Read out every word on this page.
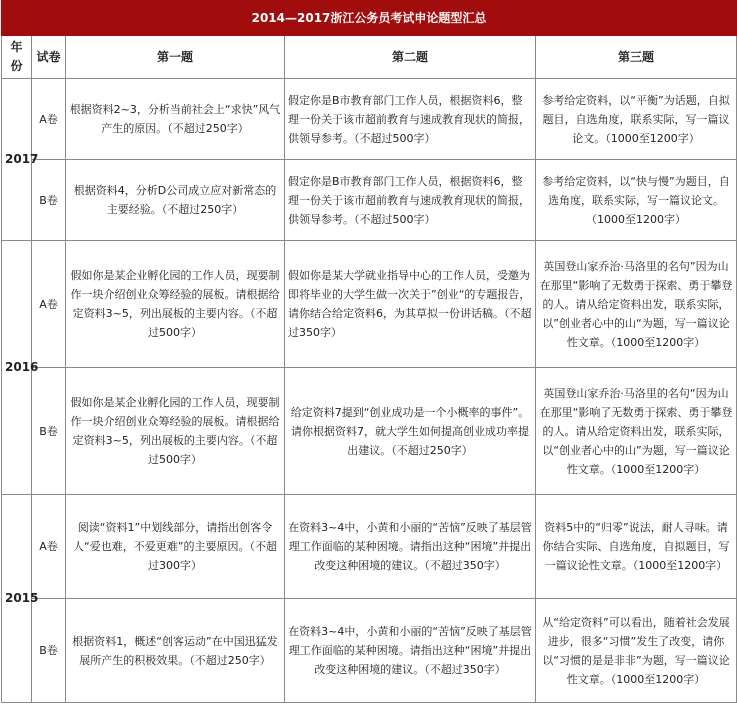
2014—2017浙江公务员考试申论题型汇总				
年份	试卷	第一题	第二题	第三题
2017	A卷	根据资料2~3，分析当前社会上“求快”风气产生的原因。（不超过250字）	假定你是B市教育部门工作人员，根据资料6，整理一份关于该市超前教育与速成教育现状的简报，供领导参考。（不超过500字）	参考给定资料，以“平衡”为话题，自拟题目，自选角度，联系实际，写一篇议论文。（1000至1200字）
	B卷	根据资料4，分析D公司成立应对新常态的主要经验。（不超过250字）	假定你是B市教育部门工作人员，根据资料6，整理一份关于该市超前教育与速成教育现状的简报，供领导参考。（不超过500字）	参考给定资料，以“快与慢”为题目，自选角度，联系实际，写一篇议论文。（1000至1200字）
2016	A卷	假如你是某企业孵化园的工作人员，现要制作一块介绍创业众筹经验的展板。请根据给定资料3~5，列出展板的主要内容。（不超过500字）	假如你是某大学就业指导中心的工作人员，受邀为即将毕业的大学生做一次关于”创业“的专题报告，请你结合给定资料6，为其草拟一份讲话稿。（不超过350字）	英国登山家乔治·马洛里的名句”因为山在那里“影响了无数勇于探索、勇于攀登的人。请从给定资料出发，联系实际，以”创业者心中的山“为题，写一篇议论性文章。（1000至1200字）
	B卷	假如你是某企业孵化园的工作人员，现要制作一块介绍创业众筹经验的展板。请根据给定资料3~5，列出展板的主要内容。（不超过500字）	给定资料7提到“创业成功是一个小概率的事件”。请你根据资料7，就大学生如何提高创业成功率提出建议。（不超过250字）	英国登山家乔治·马洛里的名句“因为山在那里“影响了无数勇于探索、勇于攀登的人。请从给定资料出发，联系实际，以“创业者心中的山”为题，写一篇议论性文章。（1000至1200字）
2015	A卷	阅读“资料1”中划线部分，请指出创客令人“爱也难，不爱更难”的主要原因。（不超过300字）	在资料3~4中，小黄和小丽的“苦恼”反映了基层管理工作面临的某种困境。请指出这种“困境”并提出改变这种困境的建议。（不超过350字）	资料5中的“归零”说法，耐人寻味。请你结合实际、自选角度，自拟题目，写一篇议论性文章。（1000至1200字）
	B卷	根据资料1，概述“创客运动”在中国迅猛发展所产生的积极效果。（不超过250字）	在资料3~4中，小黄和小丽的“苦恼”反映了基层管理工作面临的某种困境。请指出这种“困境”并提出改变这种困境的建议。（不超过350字）	从“给定资料”可以看出，随着社会发展进步，很多“习惯”发生了改变，请你以“习惯的是是非非”为题，写一篇议论性文章。（1000至1200字）
